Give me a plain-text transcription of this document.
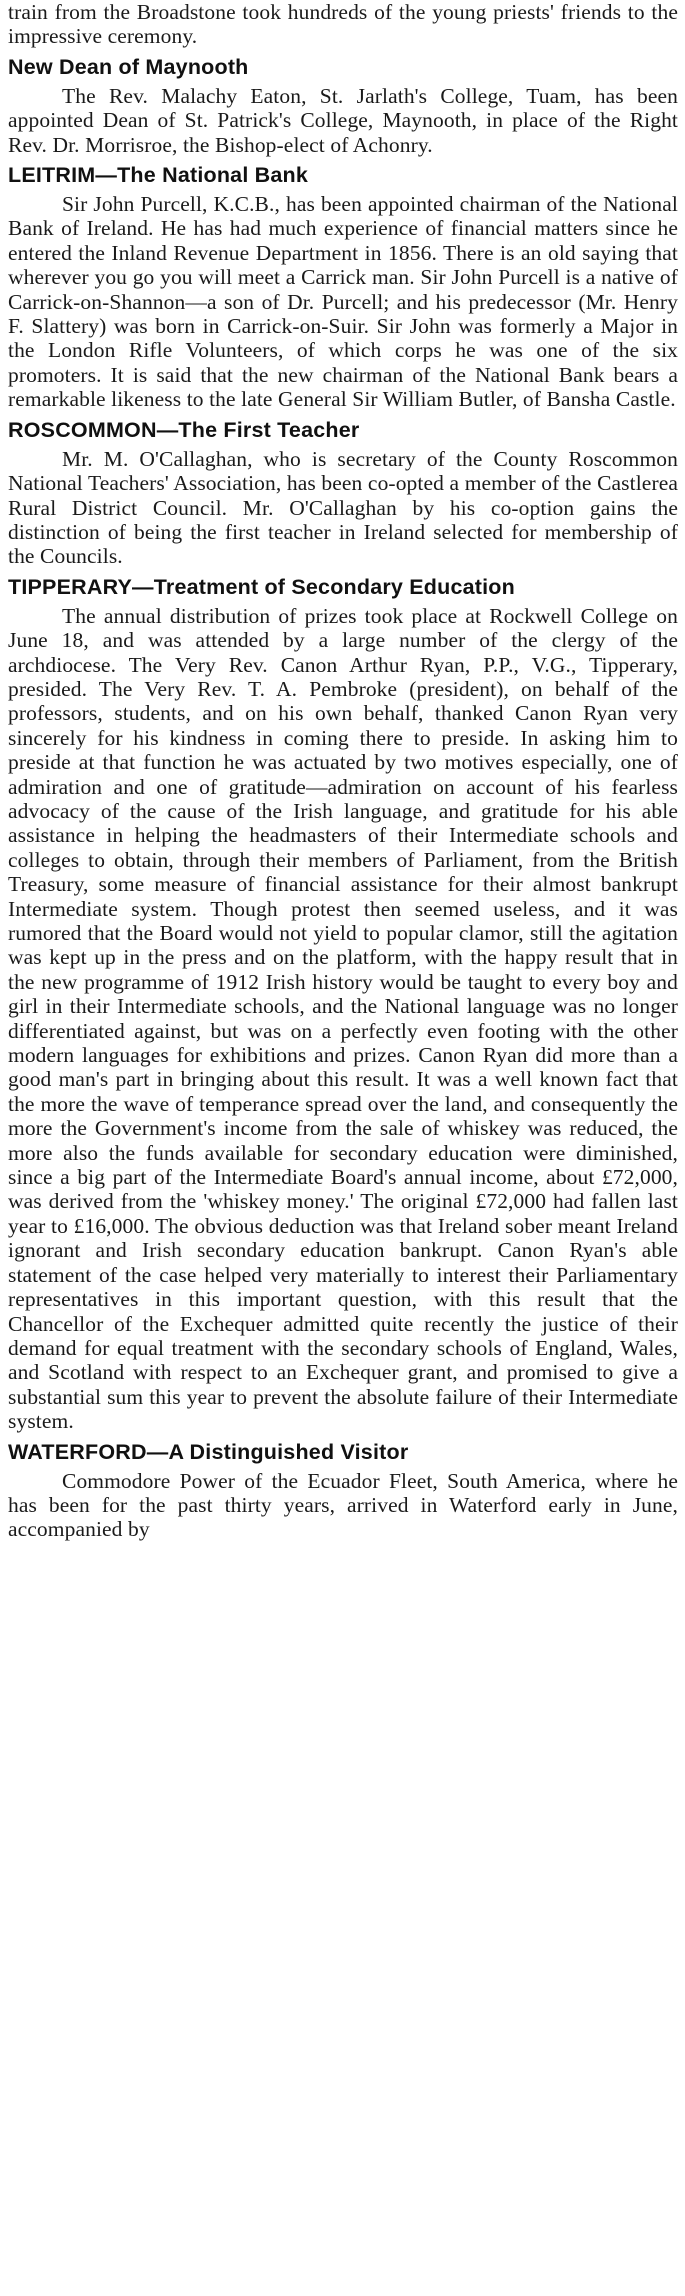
train from the Broadstone took hundreds of the young priests' friends to the impressive ceremony.

New Dean of Maynooth

The Rev. Malachy Eaton, St. Jarlath's College, Tuam, has been appointed Dean of St. Patrick's College, Maynooth, in place of the Right Rev. Dr. Morrisroe, the Bishop-elect of Achonry.

LEITRIM—The National Bank

Sir John Purcell, K.C.B., has been appointed chairman of the National Bank of Ireland. He has had much experience of financial matters since he entered the Inland Revenue Department in 1856. There is an old saying that wherever you go you will meet a Carrick man. Sir John Purcell is a native of Carrick-on-Shannon—a son of Dr. Purcell; and his predecessor (Mr. Henry F. Slattery) was born in Carrick-on-Suir. Sir John was formerly a Major in the London Rifle Volunteers, of which corps he was one of the six promoters. It is said that the new chairman of the National Bank bears a remarkable likeness to the late General Sir William Butler, of Bansha Castle.

ROSCOMMON—The First Teacher

Mr. M. O'Callaghan, who is secretary of the County Roscommon National Teachers' Association, has been co-opted a member of the Castlerea Rural District Council. Mr. O'Callaghan by his co-option gains the distinction of being the first teacher in Ireland selected for membership of the Councils.

TIPPERARY—Treatment of Secondary Education

The annual distribution of prizes took place at Rockwell College on June 18, and was attended by a large number of the clergy of the archdiocese. The Very Rev. Canon Arthur Ryan, P.P., V.G., Tipperary, presided. The Very Rev. T. A. Pembroke (president), on behalf of the professors, students, and on his own behalf, thanked Canon Ryan very sincerely for his kindness in coming there to preside. In asking him to preside at that function he was actuated by two motives especially, one of admiration and one of gratitude—admiration on account of his fearless advocacy of the cause of the Irish language, and gratitude for his able assistance in helping the headmasters of their Intermediate schools and colleges to obtain, through their members of Parliament, from the British Treasury, some measure of financial assistance for their almost bankrupt Intermediate system. Though protest then seemed useless, and it was rumored that the Board would not yield to popular clamor, still the agitation was kept up in the press and on the platform, with the happy result that in the new programme of 1912 Irish history would be taught to every boy and girl in their Intermediate schools, and the National language was no longer differentiated against, but was on a perfectly even footing with the other modern languages for exhibitions and prizes. Canon Ryan did more than a good man's part in bringing about this result. It was a well known fact that the more the wave of temperance spread over the land, and consequently the more the Government's income from the sale of whiskey was reduced, the more also the funds available for secondary education were diminished, since a big part of the Intermediate Board's annual income, about £72,000, was derived from the 'whiskey money.' The original £72,000 had fallen last year to £16,000. The obvious deduction was that Ireland sober meant Ireland ignorant and Irish secondary education bankrupt. Canon Ryan's able statement of the case helped very materially to interest their Parliamentary representatives in this important question, with this result that the Chancellor of the Exchequer admitted quite recently the justice of their demand for equal treatment with the secondary schools of England, Wales, and Scotland with respect to an Exchequer grant, and promised to give a substantial sum this year to prevent the absolute failure of their Intermediate system.

WATERFORD—A Distinguished Visitor

Commodore Power of the Ecuador Fleet, South America, where he has been for the past thirty years, arrived in Waterford early in June, accompanied by
